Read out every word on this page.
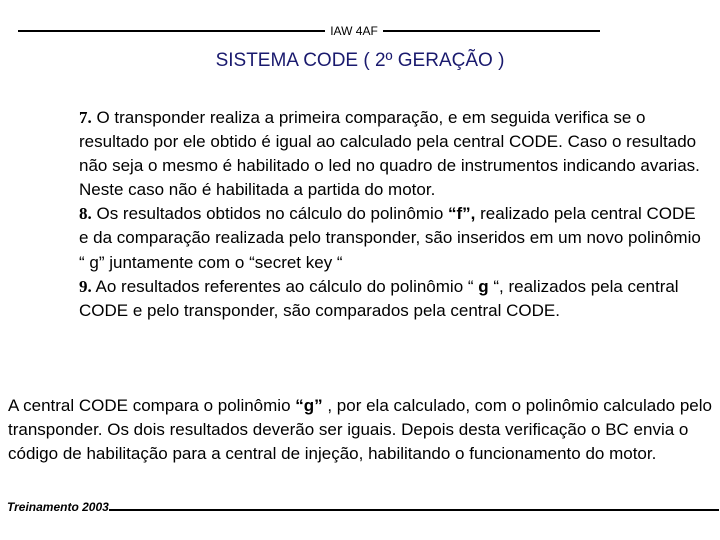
IAW 4AF
SISTEMA CODE ( 2º GERAÇÃO )

7. O transponder realiza a primeira comparação, e em seguida verifica se o resultado por ele obtido é igual ao calculado pela central CODE. Caso o resultado não seja o mesmo é habilitado o led no quadro de instrumentos indicando avarias. Neste caso não é habilitada a partida do motor.

8. Os resultados obtidos no cálculo do polinômio “f”, realizado pela central CODE e da comparação realizada pelo transponder, são inseridos em um novo polinômio “ g” juntamente com o “secret key “

9. Ao resultados referentes ao cálculo do polinômio “ g “, realizados pela central CODE e pelo transponder, são comparados pela central CODE.

A central CODE compara o polinômio “g” , por ela calculado, com o polinômio calculado pelo transponder. Os dois resultados deverão ser iguais. Depois desta verificação o BC envia o código de habilitação para a central de injeção, habilitando o funcionamento do motor.
Treinamento 2003
